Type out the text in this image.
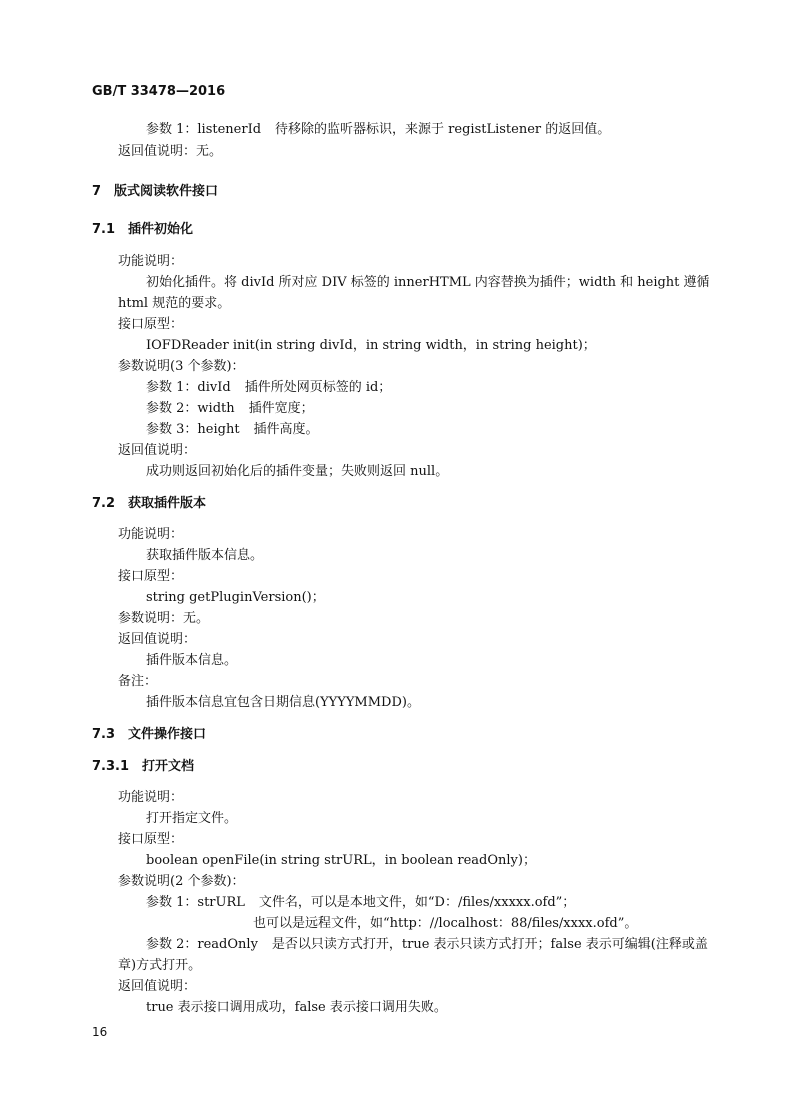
GB/T 33478—2016
参数 1：listenerId 待移除的监听器标识，来源于 registListener 的返回值。
返回值说明：无。
7　版式阅读软件接口
7.1　插件初始化
功能说明：
初始化插件。将 divId 所对应 DIV 标签的 innerHTML 内容替换为插件；width 和 height 遵循
html 规范的要求。
接口原型：
IOFDReader init(in string divId，in string width，in string height)；
参数说明(3 个参数)：
参数 1：divId 插件所处网页标签的 id；
参数 2：width 插件宽度；
参数 3：height 插件高度。
返回值说明：
成功则返回初始化后的插件变量；失败则返回 null。
7.2　获取插件版本
功能说明：
获取插件版本信息。
接口原型：
string getPluginVersion()；
参数说明：无。
返回值说明：
插件版本信息。
备注：
插件版本信息宜包含日期信息(YYYYMMDD)。
7.3　文件操作接口
7.3.1　打开文档
功能说明：
打开指定文件。
接口原型：
boolean openFile(in string strURL，in boolean readOnly)；
参数说明(2 个参数)：
参数 1：strURL 文件名，可以是本地文件，如“D：/files/xxxxx.ofd”；
也可以是远程文件，如“http：//localhost：88/files/xxxx.ofd”。
参数 2：readOnly 是否以只读方式打开，true 表示只读方式打开；false 表示可编辑(注释或盖
章)方式打开。
返回值说明：
true 表示接口调用成功，false 表示接口调用失败。
16
